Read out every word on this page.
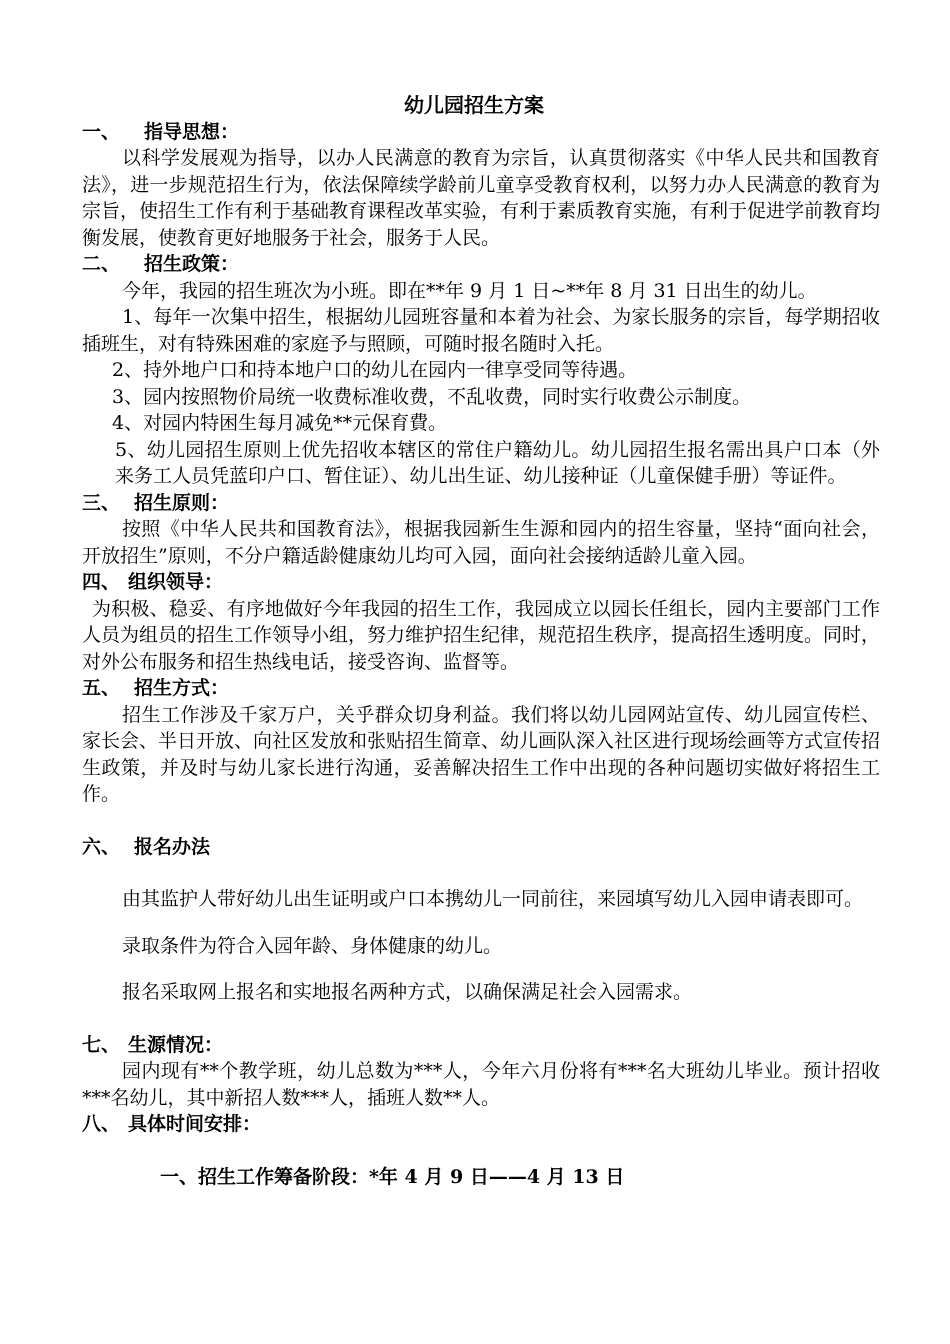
幼儿园招生方案
一、 指导思想：

以科学发展观为指导，以办人民满意的教育为宗旨，认真贯彻落实《中华人民共和国教育法》，进一步规范招生行为，依法保障续学龄前儿童享受教育权利，以努力办人民满意的教育为宗旨，使招生工作有利于基础教育课程改革实验，有利于素质教育实施，有利于促进学前教育均衡发展，使教育更好地服务于社会，服务于人民。

二、 招生政策：

今年，我园的招生班次为小班。即在**年 9 月 1 日~**年 8 月 31 日出生的幼儿。

1、每年一次集中招生，根据幼儿园班容量和本着为社会、为家长服务的宗旨，每学期招收插班生，对有特殊困难的家庭予与照顾，可随时报名随时入托。

2、持外地户口和持本地户口的幼儿在园内一律享受同等待遇。

3、园内按照物价局统一收费标准收费，不乱收费，同时实行收费公示制度。

4、对园内特困生每月减免**元保育費。

5、幼儿园招生原则上优先招收本辖区的常住户籍幼儿。幼儿园招生报名需出具户口本（外来务工人员凭蓝印户口、暂住证）、幼儿出生证、幼儿接种证（儿童保健手册）等证件。

三、 招生原则：

按照《中华人民共和国教育法》，根据我园新生生源和园内的招生容量，坚持“面向社会，开放招生”原则，不分户籍适龄健康幼儿均可入园，面向社会接纳适龄儿童入园。

四、 组织领导：

为积极、稳妥、有序地做好今年我园的招生工作，我园成立以园长任组长，园内主要部门工作人员为组员的招生工作领导小组，努力维护招生纪律，规范招生秩序，提高招生透明度。同时，对外公布服务和招生热线电话，接受咨询、监督等。

五、 招生方式：

招生工作涉及千家万户，关乎群众切身利益。我们将以幼儿园网站宣传、幼儿园宣传栏、家长会、半日开放、向社区发放和张贴招生简章、幼儿画队深入社区进行现场绘画等方式宣传招生政策，并及时与幼儿家长进行沟通，妥善解决招生工作中出现的各种问题切实做好将招生工作。

六、 报名办法

由其监护人带好幼儿出生证明或户口本携幼儿一同前往，来园填写幼儿入园申请表即可。

录取条件为符合入园年龄、身体健康的幼儿。

报名采取网上报名和实地报名两种方式，以确保满足社会入园需求。

七、 生源情况：

园内现有**个教学班，幼儿总数为***人，今年六月份将有***名大班幼儿毕业。预计招收***名幼儿，其中新招人数***人，插班人数**人。

八、 具体时间安排：
一、招生工作筹备阶段：*年 4 月 9 日——4 月 13 日
